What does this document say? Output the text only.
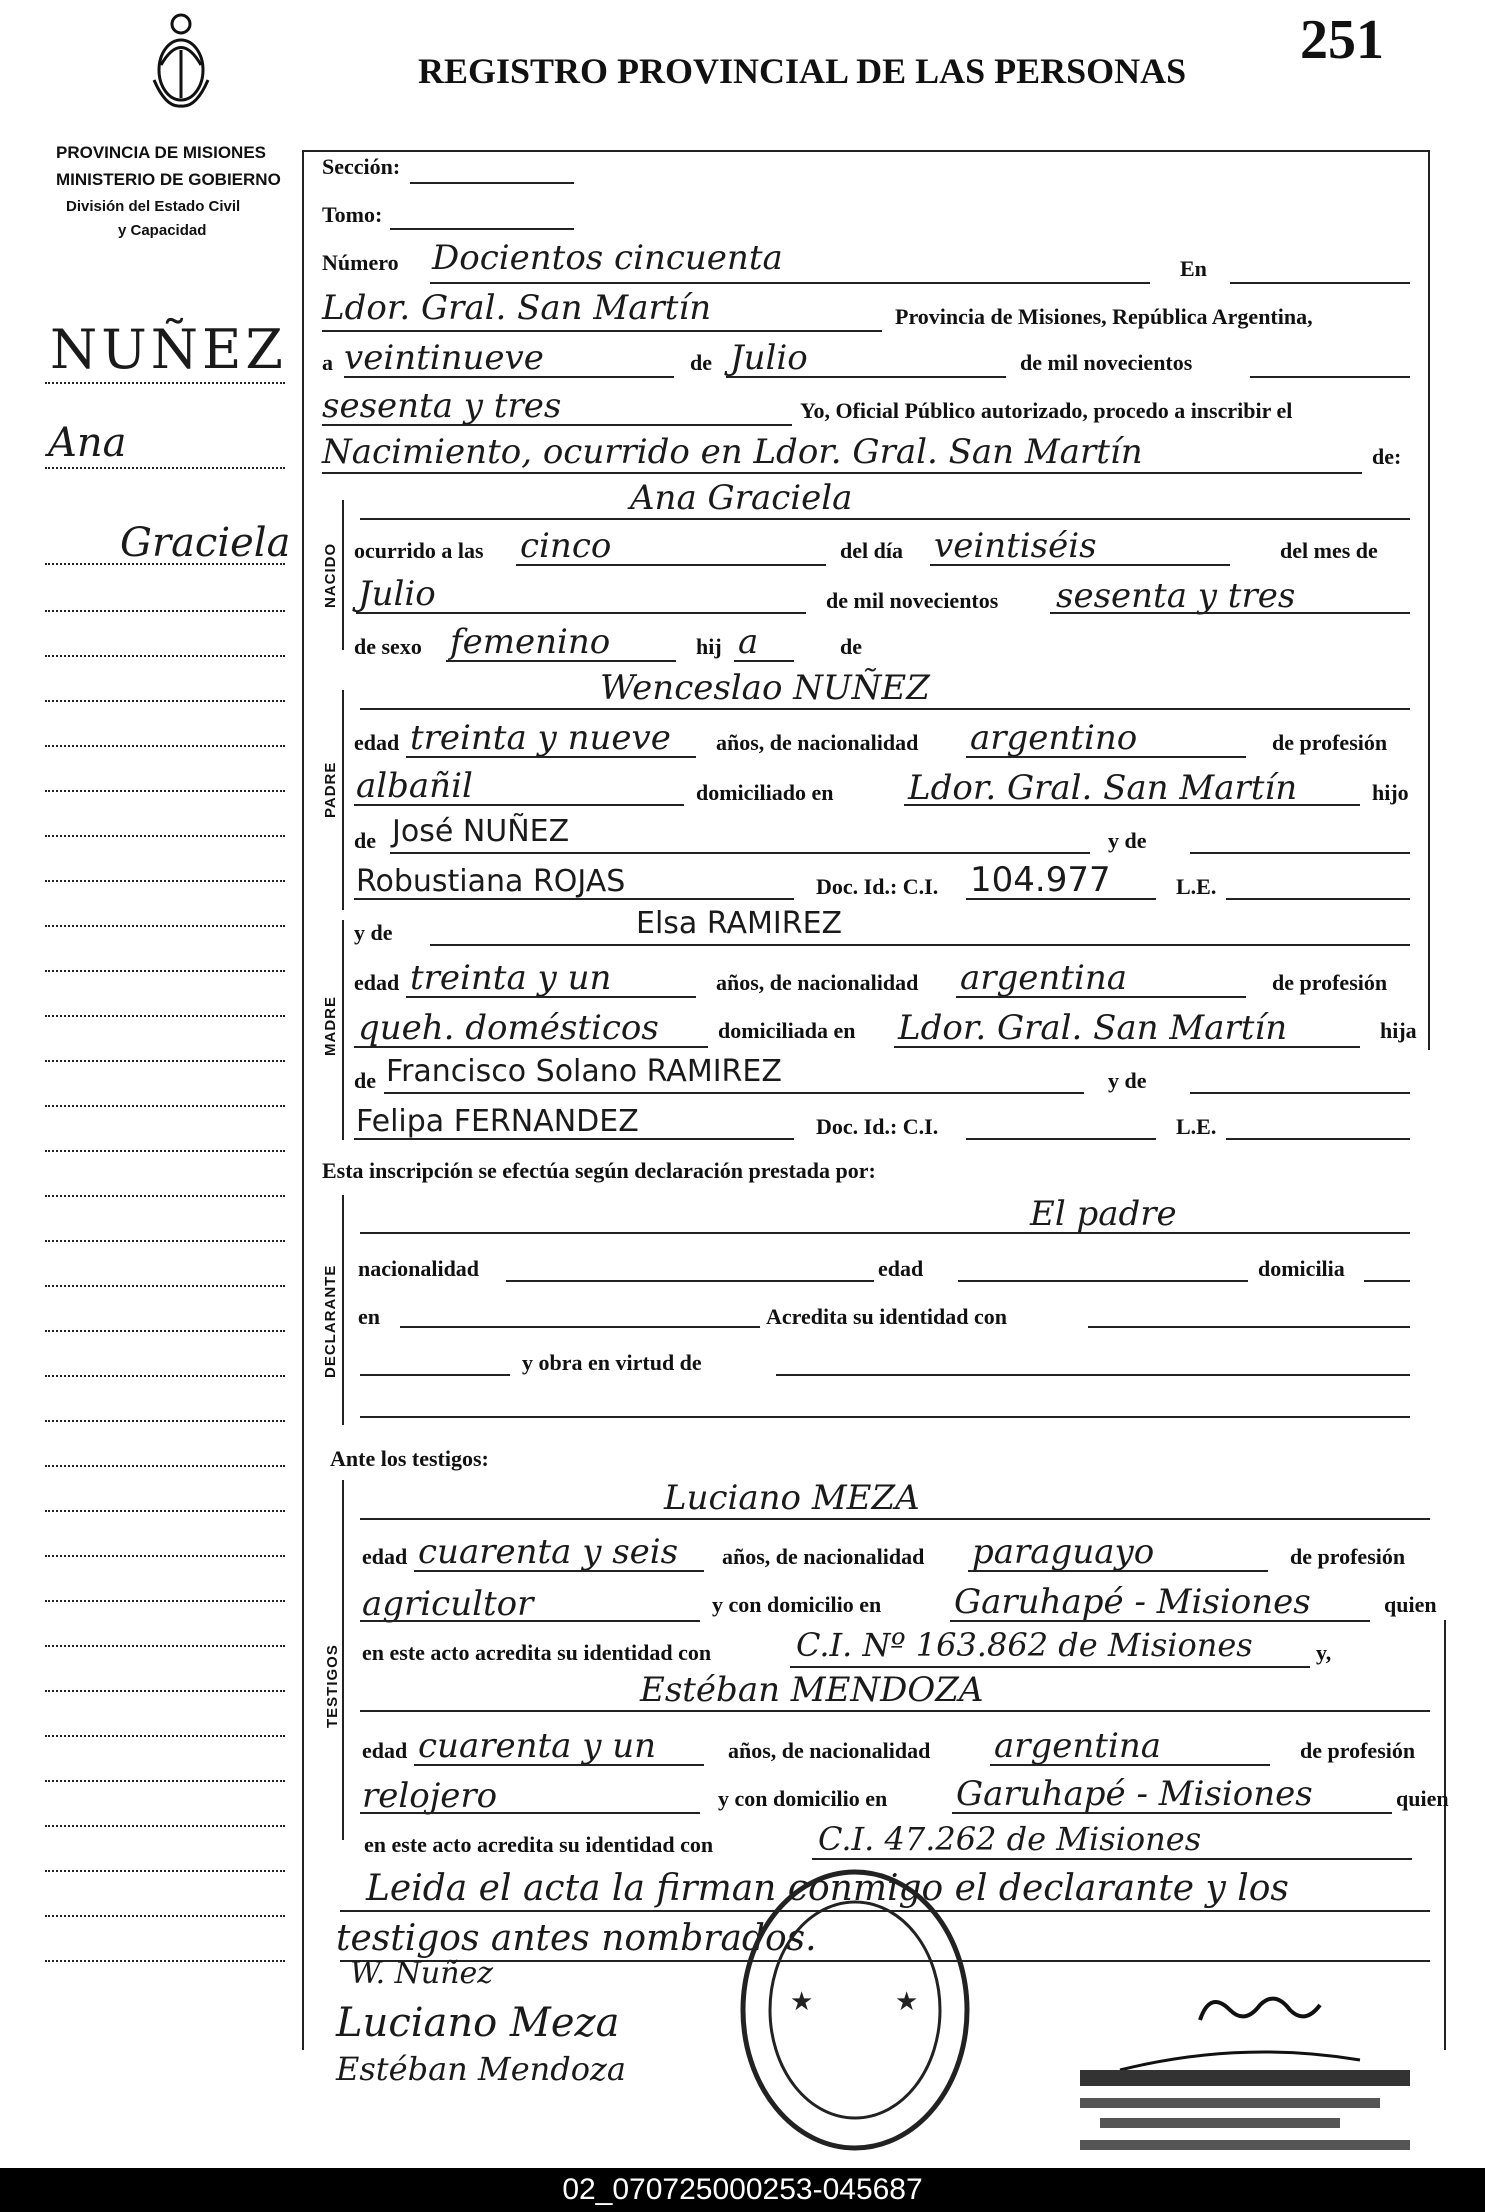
REGISTRO PROVINCIAL DE LAS PERSONAS 251
PROVINCIA DE MISIONES
MINISTERIO DE GOBIERNO
División del Estado Civil
y Capacidad
NUÑEZ
Ana
Graciela
Sección:
Tomo:
Número Docientos cincuenta	En
Ldor. Gral. San Martín	Provincia de Misiones, República Argentina,
a veintinueve	de Julio	de mil novecientos
sesenta y tres	Yo, Oficial Público autorizado, procedo a inscribir el
Nacimiento, ocurrido en Ldor. Gral. San Martín	de:
NACIDO
Ana Graciela
ocurrido a las cinco	del día veintiséis	del mes de
Julio	de mil novecientos sesenta y tres
de sexo femenino	hij a	de
PADRE
Wenceslao NUÑEZ
edad treinta y nueve años, de nacionalidad argentino	de profesión
albañil	domiciliado en Ldor. Gral. San Martín	hijo
de José NUÑEZ	y de
Robustiana ROJAS	Doc. Id.: C.I. 104.977	L.E.
MADRE
y de	Elsa RAMIREZ
edad treinta y un	años, de nacionalidad argentina	de profesión
queh. domésticos	domiciliada en Ldor. Gral. San Martín	hija
de Francisco Solano RAMIREZ	y de
Felipa FERNANDEZ	Doc. Id.: C.I.	L.E.
Esta inscripción se efectúa según declaración prestada por:
DECLARANTE
El padre
nacionalidad	edad	domicilia
en	Acredita su identidad con
y obra en virtud de
Ante los testigos:
TESTIGOS
Luciano MEZA
edad cuarenta y seis años, de nacionalidad paraguayo	de profesión
agricultor	y con domicilio en Garuhapé - Misiones	quien
en este acto acredita su identidad con	C.I. Nº 163.862 de Misiones	y,
Estéban MENDOZA
edad cuarenta y un	años, de nacionalidad argentina	de profesión
relojero	y con domicilio en Garuhapé - Misiones	quien
en este acto acredita su identidad con	C.I. 47.262 de Misiones
Leida el acta la firman conmigo el declarante y los
testigos antes nombrados.
W. Nuñez
Luciano Meza
Estéban Mendoza
★	★
02_070725000253-045687
